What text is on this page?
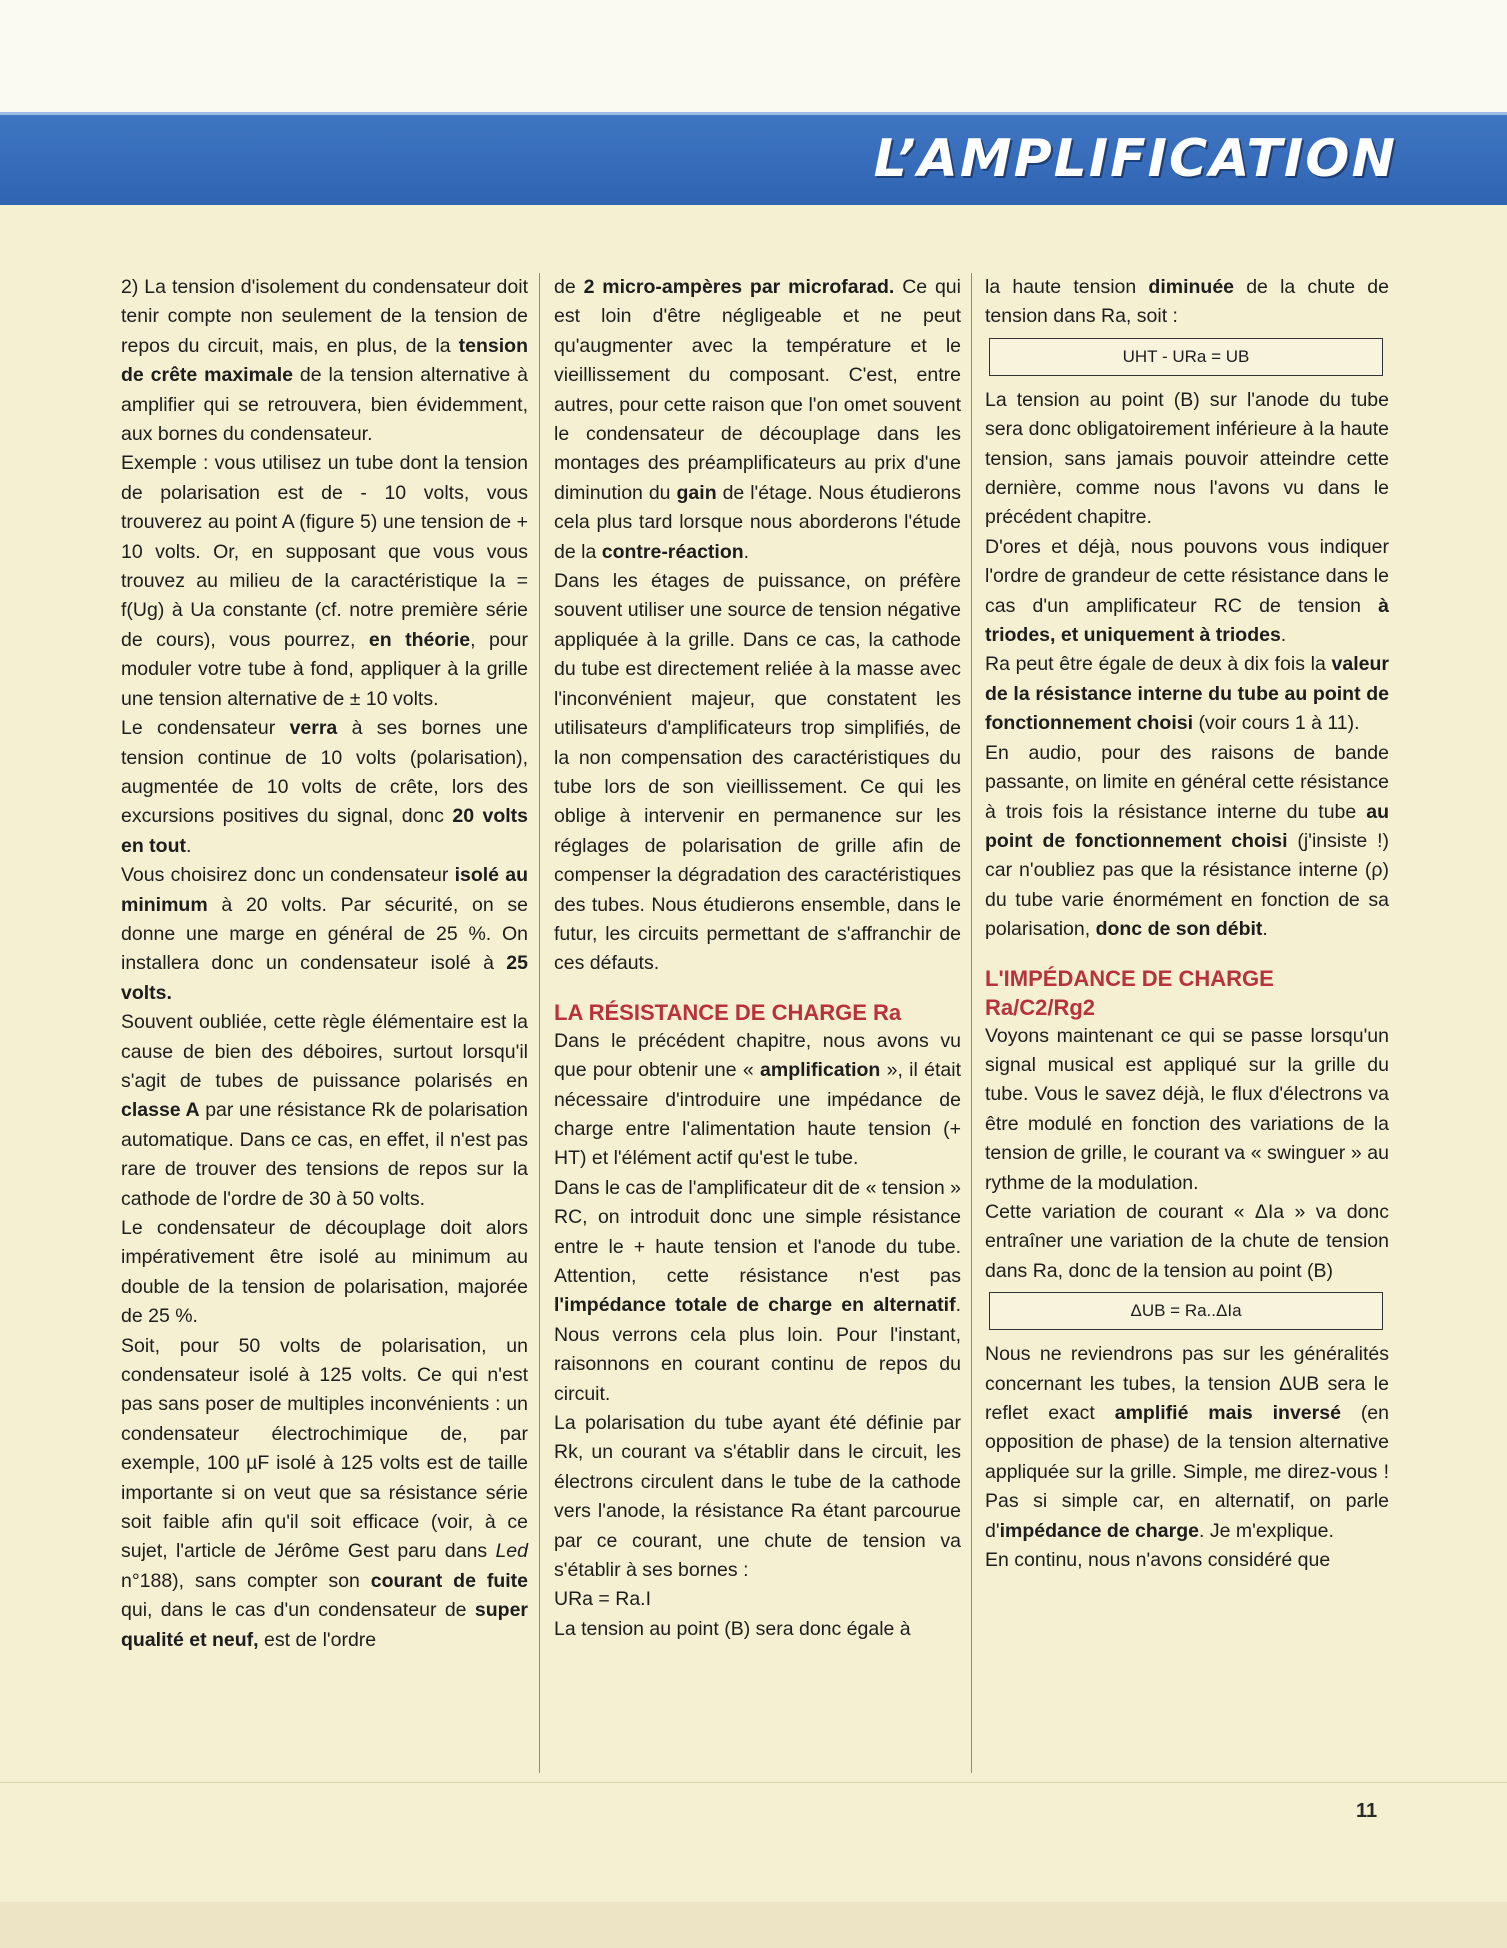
L’AMPLIFICATION

2) La tension d'isolement du condensateur doit tenir compte non seulement de la tension de repos du circuit, mais, en plus, de la tension de crête maximale de la tension alternative à amplifier qui se retrouvera, bien évidemment, aux bornes du condensateur.

Exemple : vous utilisez un tube dont la tension de polarisation est de - 10 volts, vous trouverez au point A (figure 5) une tension de + 10 volts. Or, en supposant que vous vous trouvez au milieu de la caractéristique Ia = f(Ug) à Ua constante (cf. notre première série de cours), vous pourrez, en théorie, pour moduler votre tube à fond, appliquer à la grille une tension alternative de ± 10 volts.

Le condensateur verra à ses bornes une tension continue de 10 volts (polarisation), augmentée de 10 volts de crête, lors des excursions positives du signal, donc 20 volts en tout.

Vous choisirez donc un condensateur isolé au minimum à 20 volts. Par sécurité, on se donne une marge en général de 25 %. On installera donc un condensateur isolé à 25 volts.

Souvent oubliée, cette règle élémentaire est la cause de bien des déboires, surtout lorsqu'il s'agit de tubes de puissance polarisés en classe A par une résistance Rk de polarisation automatique. Dans ce cas, en effet, il n'est pas rare de trouver des tensions de repos sur la cathode de l'ordre de 30 à 50 volts.

Le condensateur de découplage doit alors impérativement être isolé au minimum au double de la tension de polarisation, majorée de 25 %.

Soit, pour 50 volts de polarisation, un condensateur isolé à 125 volts. Ce qui n'est pas sans poser de multiples inconvénients : un condensateur électrochimique de, par exemple, 100 µF isolé à 125 volts est de taille importante si on veut que sa résistance série soit faible afin qu'il soit efficace (voir, à ce sujet, l'article de Jérôme Gest paru dans Led n°188), sans compter son courant de fuite qui, dans le cas d'un condensateur de super qualité et neuf, est de l'ordre

de 2 micro-ampères par microfarad. Ce qui est loin d'être négligeable et ne peut qu'augmenter avec la température et le vieillissement du composant. C'est, entre autres, pour cette raison que l'on omet souvent le condensateur de découplage dans les montages des préamplificateurs au prix d'une diminution du gain de l'étage. Nous étudierons cela plus tard lorsque nous aborderons l'étude de la contre-réaction.

Dans les étages de puissance, on préfère souvent utiliser une source de tension négative appliquée à la grille. Dans ce cas, la cathode du tube est directement reliée à la masse avec l'inconvénient majeur, que constatent les utilisateurs d'amplificateurs trop simplifiés, de la non compensation des caractéristiques du tube lors de son vieillissement. Ce qui les oblige à intervenir en permanence sur les réglages de polarisation de grille afin de compenser la dégradation des caractéristiques des tubes. Nous étudierons ensemble, dans le futur, les circuits permettant de s'affranchir de ces défauts.

LA RÉSISTANCE DE CHARGE Ra

Dans le précédent chapitre, nous avons vu que pour obtenir une « amplification », il était nécessaire d'introduire une impédance de charge entre l'alimentation haute tension (+ HT) et l'élément actif qu'est le tube.

Dans le cas de l'amplificateur dit de « tension » RC, on introduit donc une simple résistance entre le + haute tension et l'anode du tube. Attention, cette résistance n'est pas l'impédance totale de charge en alternatif. Nous verrons cela plus loin. Pour l'instant, raisonnons en courant continu de repos du circuit.

La polarisation du tube ayant été définie par Rk, un courant va s'établir dans le circuit, les électrons circulent dans le tube de la cathode vers l'anode, la résistance Ra étant parcourue par ce courant, une chute de tension va s'établir à ses bornes :

URa = Ra.I

La tension au point (B) sera donc égale à

la haute tension diminuée de la chute de tension dans Ra, soit :

UHT - URa = UB

La tension au point (B) sur l'anode du tube sera donc obligatoirement inférieure à la haute tension, sans jamais pouvoir atteindre cette dernière, comme nous l'avons vu dans le précédent chapitre.

D'ores et déjà, nous pouvons vous indiquer l'ordre de grandeur de cette résistance dans le cas d'un amplificateur RC de tension à triodes, et uniquement à triodes.

Ra peut être égale de deux à dix fois la valeur de la résistance interne du tube au point de fonctionnement choisi (voir cours 1 à 11).

En audio, pour des raisons de bande passante, on limite en général cette résistance à trois fois la résistance interne du tube au point de fonctionnement choisi (j'insiste !) car n'oubliez pas que la résistance interne (ρ) du tube varie énormément en fonction de sa polarisation, donc de son débit.

L'IMPÉDANCE DE CHARGE Ra/C2/Rg2

Voyons maintenant ce qui se passe lorsqu'un signal musical est appliqué sur la grille du tube. Vous le savez déjà, le flux d'électrons va être modulé en fonction des variations de la tension de grille, le courant va « swinguer » au rythme de la modulation.

Cette variation de courant « ΔIa » va donc entraîner une variation de la chute de tension dans Ra, donc de la tension au point (B)

ΔUB = Ra..ΔIa

Nous ne reviendrons pas sur les généralités concernant les tubes, la tension ΔUB sera le reflet exact amplifié mais inversé (en opposition de phase) de la tension alternative appliquée sur la grille. Simple, me direz-vous ! Pas si simple car, en alternatif, on parle d'impédance de charge. Je m'explique.

En continu, nous n'avons considéré que

11
